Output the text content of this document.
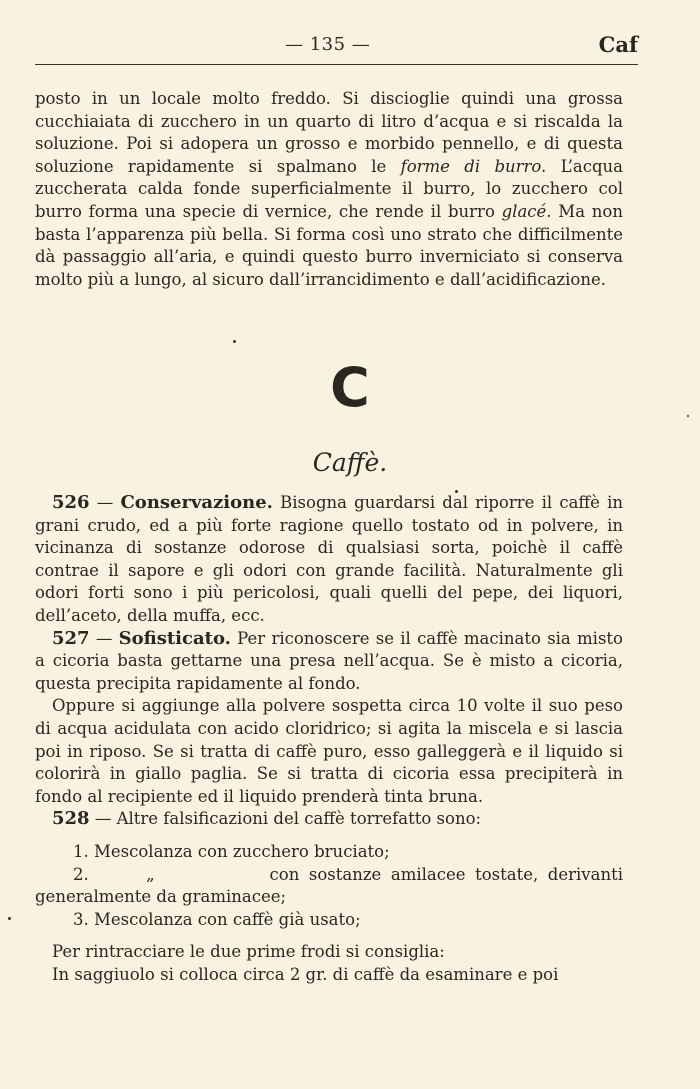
— 135 —	Caf
posto in un locale molto freddo. Si discioglie quindi una grossa cucchiaiata di zucchero in un quarto di litro d’acqua e si riscalda la soluzione. Poi si adopera un grosso e morbido pennello, e di questa soluzione rapidamente si spalmano le forme di burro. L’acqua zuccherata calda fonde superficialmente il burro, lo zucchero col burro forma una specie di vernice, che rende il burro glacé. Ma non basta l’apparenza più bella. Si forma così uno strato che difficilmente dà passaggio all’aria, e quindi questo burro inverniciato si conserva molto più a lungo, al sicuro dall’irrancidimento e dall’acidificazione.
C
Caffè.

526 — Conservazione. Bisogna guardarsi dal riporre il caffè in grani crudo, ed a più forte ragione quello tostato od in polvere, in vicinanza di sostanze odorose di qualsiasi sorta, poichè il caffè contrae il sapore e gli odori con grande facilità. Naturalmente gli odori forti sono i più pericolosi, quali quelli del pepe, dei liquori, dell’aceto, della muffa, ecc.

527 — Sofisticato. Per riconoscere se il caffè macinato sia misto a cicoria basta gettarne una presa nell’acqua. Se è misto a cicoria, questa precipita rapidamente al fondo.

Oppure si aggiunge alla polvere sospetta circa 10 volte il suo peso di acqua acidulata con acido cloridrico; si agita la miscela e si lascia poi in riposo. Se si tratta di caffè puro, esso galleggerà e il liquido si colorirà in giallo paglia. Se si tratta di cicoria essa precipiterà in fondo al recipiente ed il liquido prenderà tinta bruna.

528 — Altre falsificazioni del caffè torrefatto sono:

1. Mescolanza con zucchero bruciato;

2.      „            con sostanze amilacee tostate, derivanti generalmente da graminacee;

3. Mescolanza con caffè già usato;

Per rintracciare le due prime frodi si consiglia:

In saggiuolo si colloca circa 2 gr. di caffè da esaminare e poi
